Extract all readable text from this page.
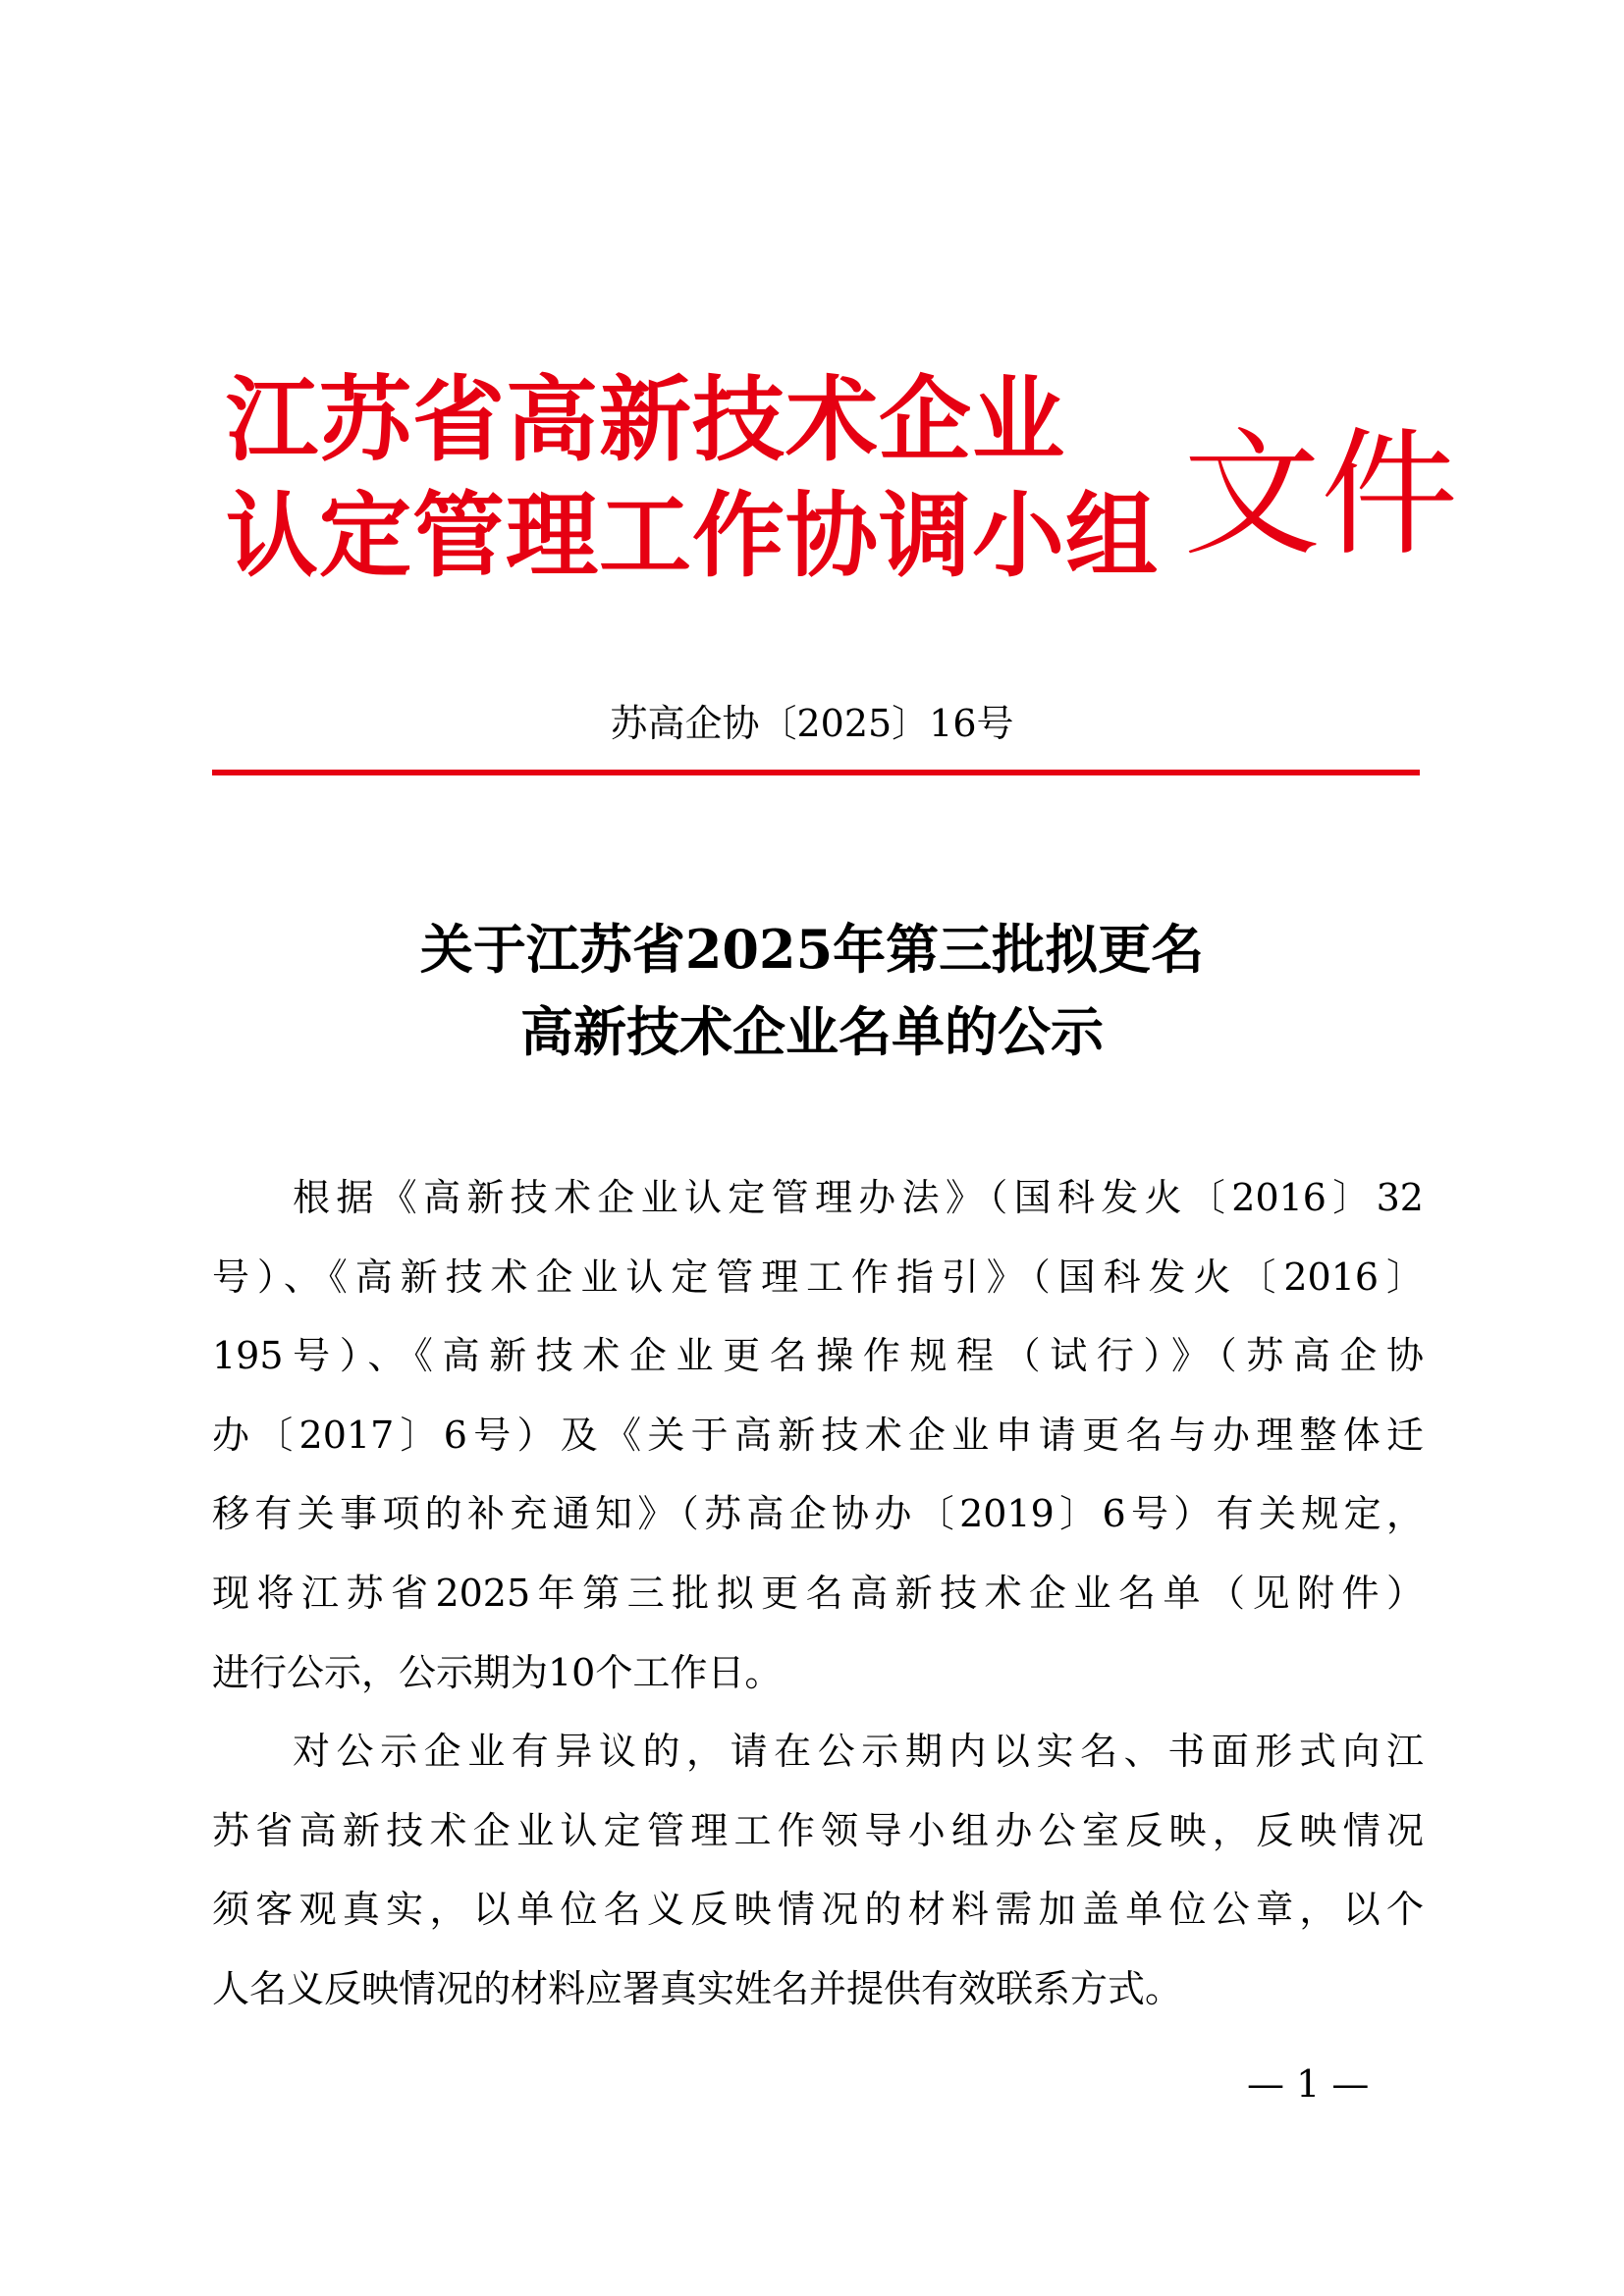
江苏省高新技术企业
认定管理工作协调小组 文件
苏高企协〔2025〕16号
关于江苏省2025年第三批拟更名
高新技术企业名单的公示
根据《高新技术企业认定管理办法》（国科发火〔2016〕32
号）、《高新技术企业认定管理工作指引》（国科发火〔2016〕
195号）、《高新技术企业更名操作规程（试行）》（苏高企协
办〔2017〕6号）及《关于高新技术企业申请更名与办理整体迁
移有关事项的补充通知》（苏高企协办〔2019〕6号）有关规定，
现将江苏省2025年第三批拟更名高新技术企业名单（见附件）
进行公示，公示期为10个工作日。
对公示企业有异议的，请在公示期内以实名、书面形式向江
苏省高新技术企业认定管理工作领导小组办公室反映，反映情况
须客观真实，以单位名义反映情况的材料需加盖单位公章，以个
人名义反映情况的材料应署真实姓名并提供有效联系方式。
— 1 —
